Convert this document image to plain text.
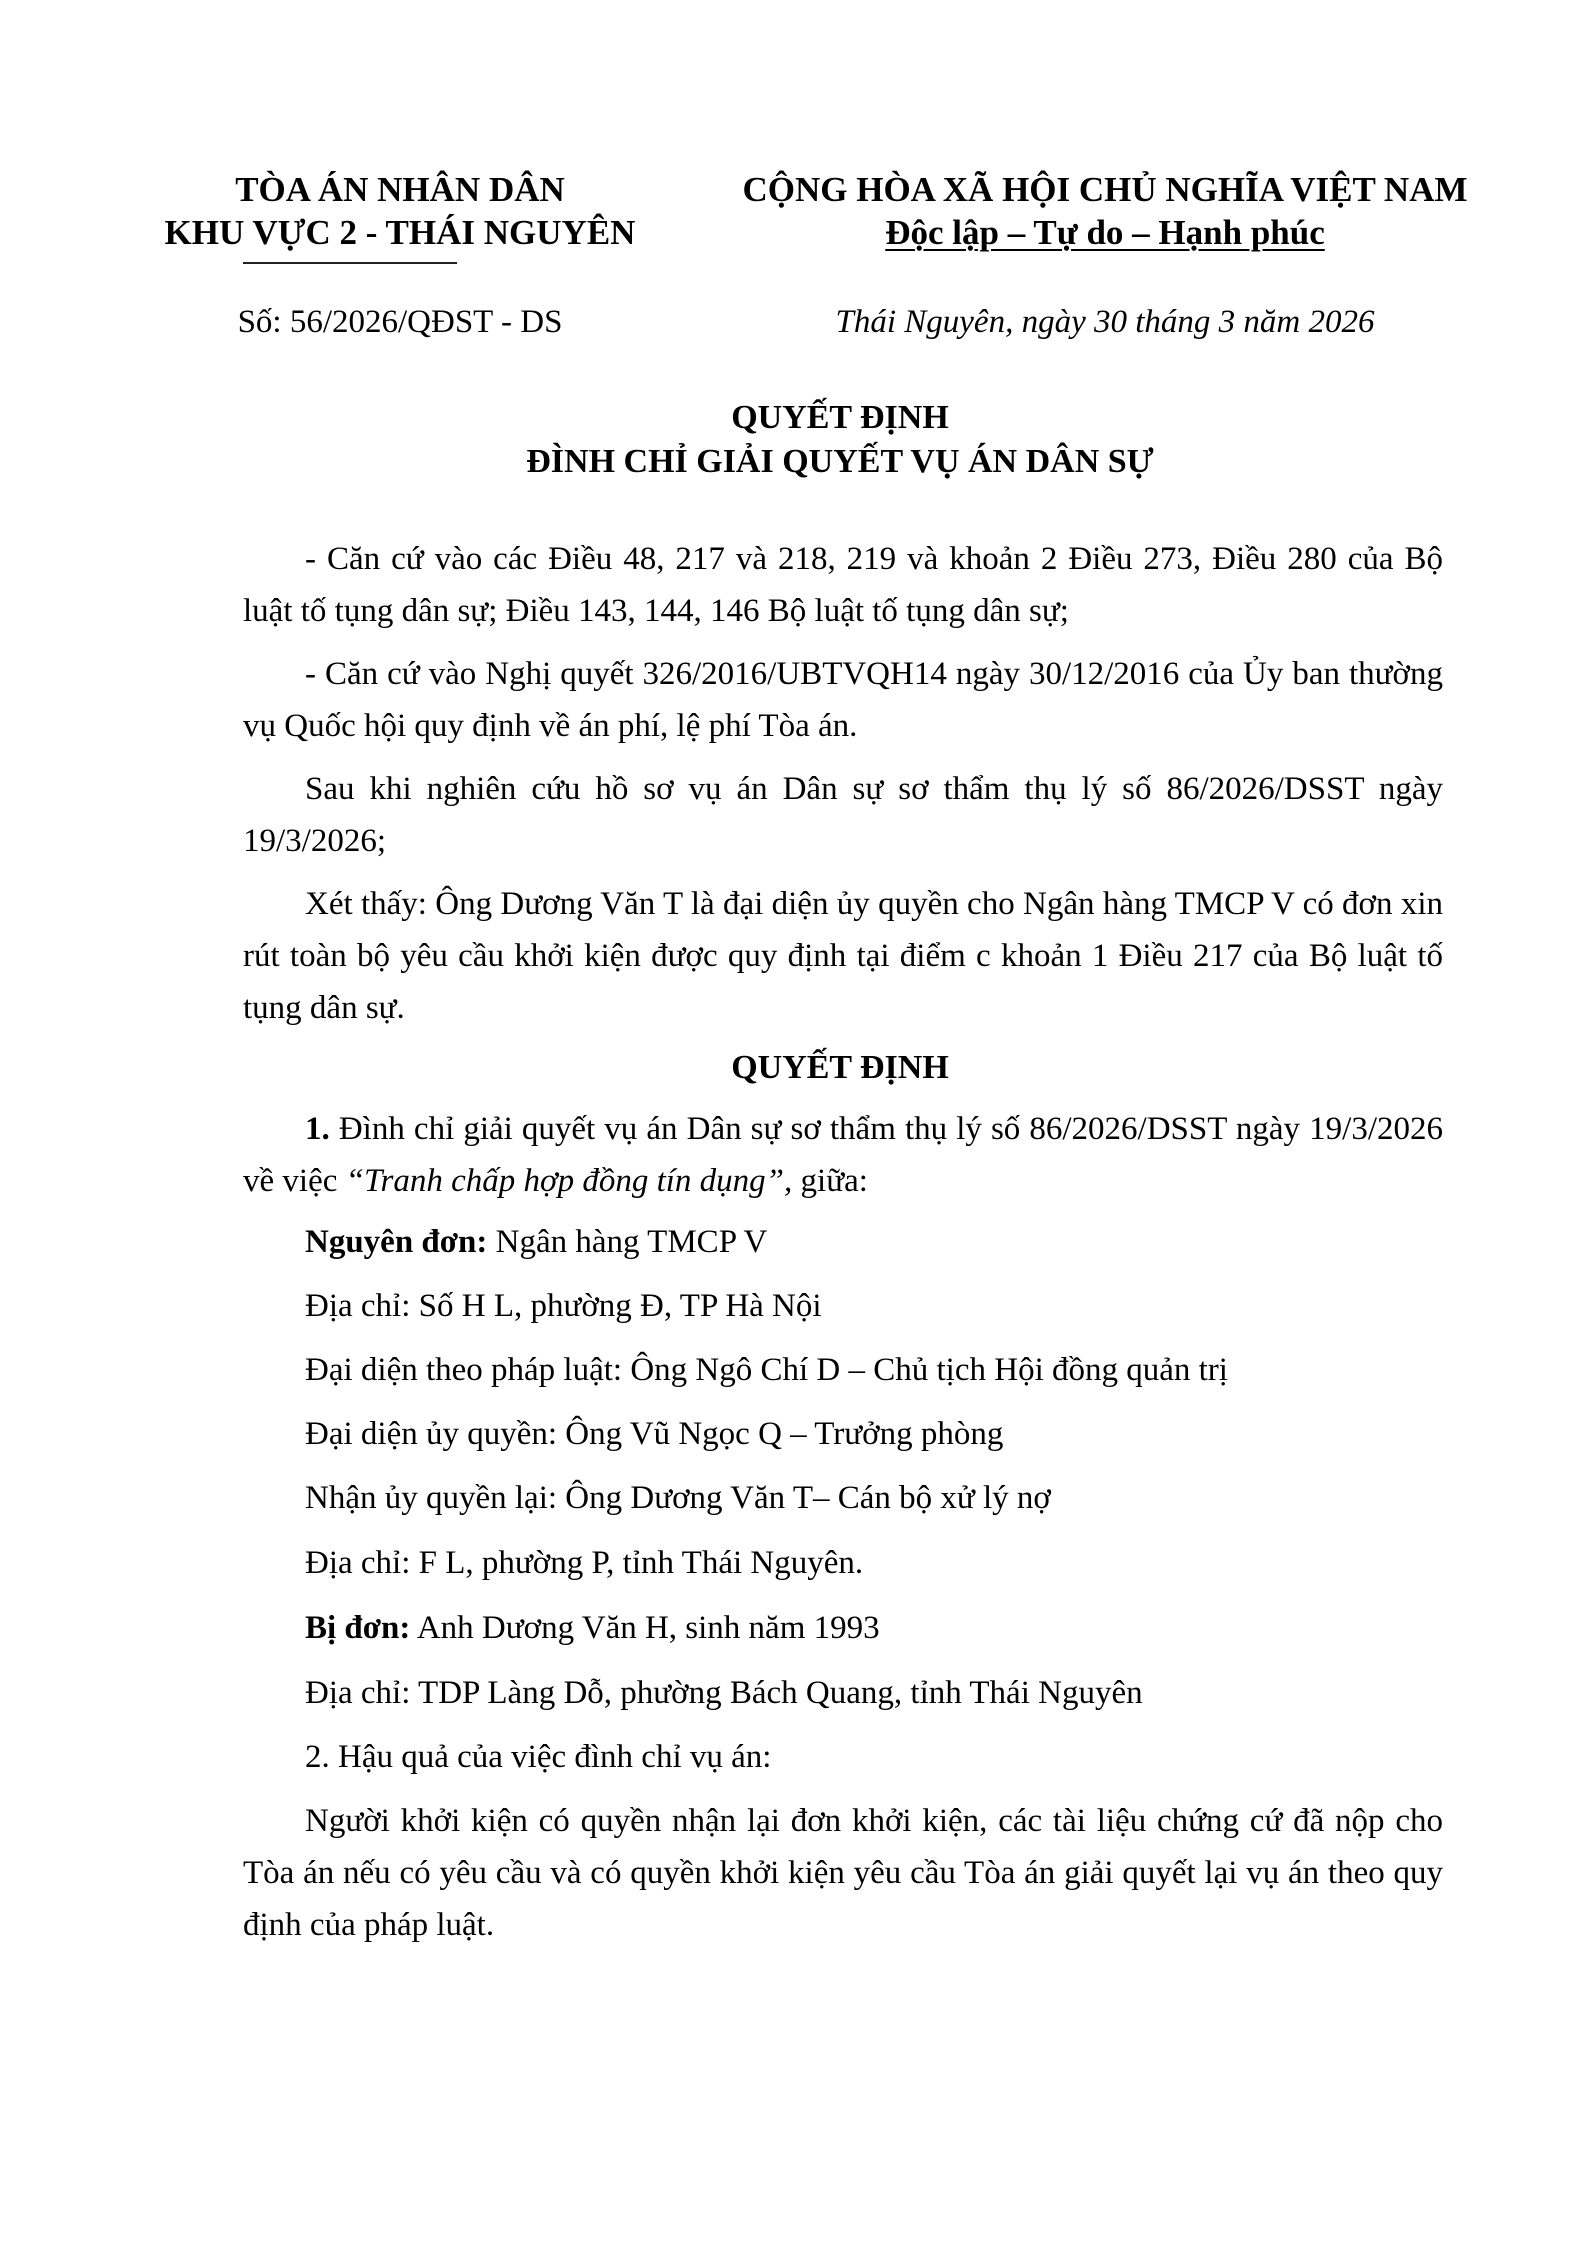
TÒA ÁN NHÂN DÂN
KHU VỰC 2 - THÁI NGUYÊN
CỘNG HÒA XÃ HỘI CHỦ NGHĨA VIỆT NAM
Độc lập – Tự do – Hạnh phúc
Số: 56/2026/QĐST - DS	Thái Nguyên, ngày 30 tháng 3 năm 2026
QUYẾT ĐỊNH
ĐÌNH CHỈ GIẢI QUYẾT VỤ ÁN DÂN SỰ

- Căn cứ vào các Điều 48, 217 và 218, 219 và khoản 2 Điều 273, Điều 280 của Bộ luật tố tụng dân sự; Điều 143, 144, 146 Bộ luật tố tụng dân sự;

- Căn cứ vào Nghị quyết 326/2016/UBTVQH14 ngày 30/12/2016 của Ủy ban thường vụ Quốc hội quy định về án phí, lệ phí Tòa án.

Sau khi nghiên cứu hồ sơ vụ án Dân sự sơ thẩm thụ lý số 86/2026/DSST ngày 19/3/2026;

Xét thấy: Ông Dương Văn T là đại diện ủy quyền cho Ngân hàng TMCP V có đơn xin rút toàn bộ yêu cầu khởi kiện được quy định tại điểm c khoản 1 Điều 217 của Bộ luật tố tụng dân sự.

QUYẾT ĐỊNH

1. Đình chỉ giải quyết vụ án Dân sự sơ thẩm thụ lý số 86/2026/DSST ngày 19/3/2026 về việc “Tranh chấp hợp đồng tín dụng”, giữa:

Nguyên đơn: Ngân hàng TMCP V
Địa chỉ: Số H L, phường Đ, TP Hà Nội
Đại diện theo pháp luật: Ông Ngô Chí D – Chủ tịch Hội đồng quản trị
Đại diện ủy quyền: Ông Vũ Ngọc Q – Trưởng phòng
Nhận ủy quyền lại: Ông Dương Văn T– Cán bộ xử lý nợ
Địa chỉ: F L, phường P, tỉnh Thái Nguyên.
Bị đơn: Anh Dương Văn H, sinh năm 1993
Địa chỉ: TDP Làng Dỗ, phường Bách Quang, tỉnh Thái Nguyên
2. Hậu quả của việc đình chỉ vụ án:

Người khởi kiện có quyền nhận lại đơn khởi kiện, các tài liệu chứng cứ đã nộp cho Tòa án nếu có yêu cầu và có quyền khởi kiện yêu cầu Tòa án giải quyết lại vụ án theo quy định của pháp luật.
